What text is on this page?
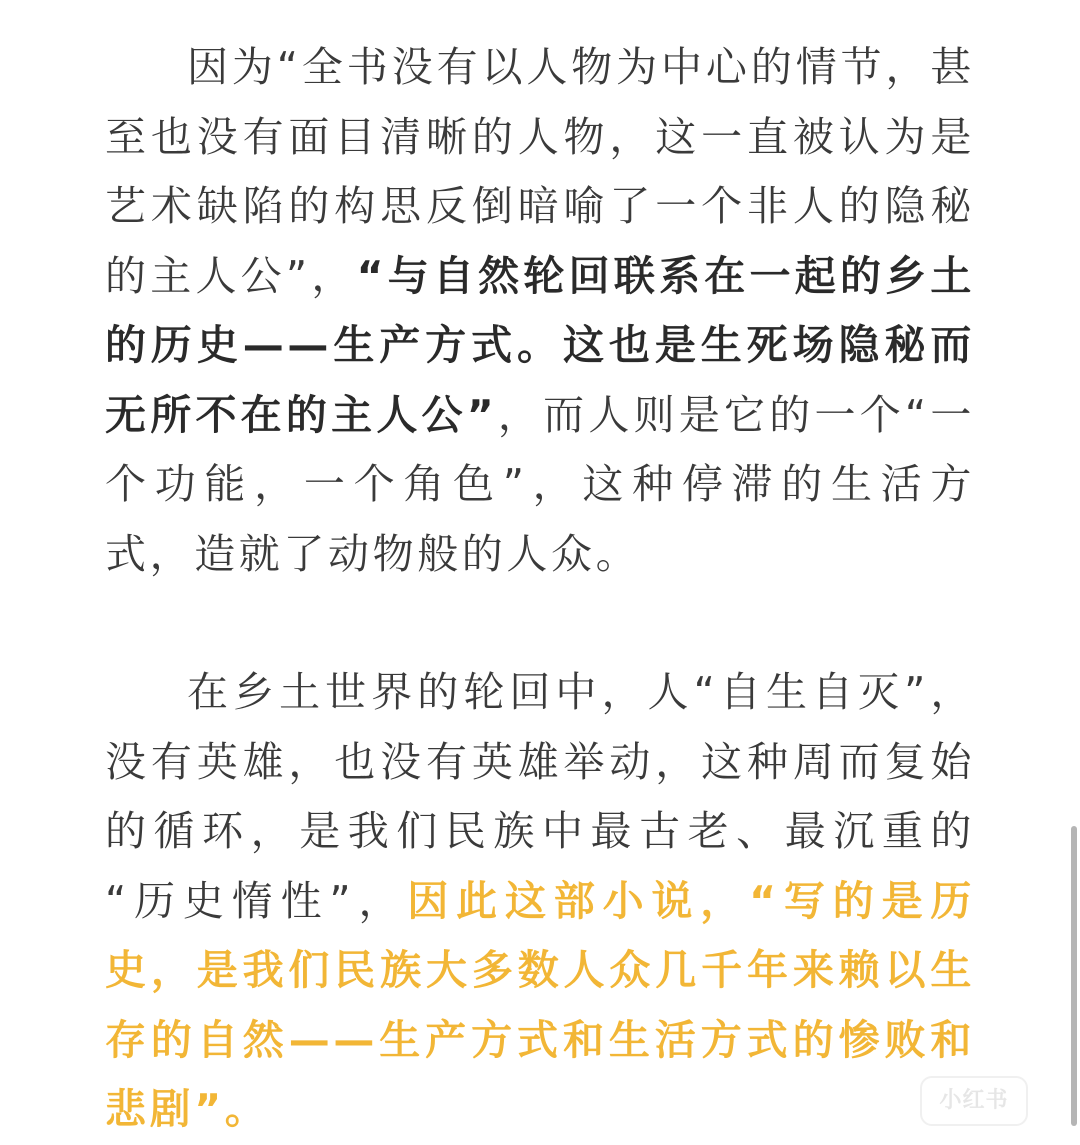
因为“全书没有以人物为中心的情节，甚至也没有面目清晰的人物，这一直被认为是艺术缺陷的构思反倒暗喻了一个非人的隐秘的主人公”，“与自然轮回联系在一起的乡土的历史——生产方式。这也是生死场隐秘而无所不在的主人公”，而人则是它的一个“一个功能，一个角色”，这种停滞的生活方式，造就了动物般的人众。

在乡土世界的轮回中，人“自生自灭”，没有英雄，也没有英雄举动，这种周而复始的循环，是我们民族中最古老、最沉重的 “历史惰性”，因此这部小说，“写的是历史，是我们民族大多数人众几千年来赖以生存的自然——生产方式和生活方式的惨败和悲剧”。	小红书
